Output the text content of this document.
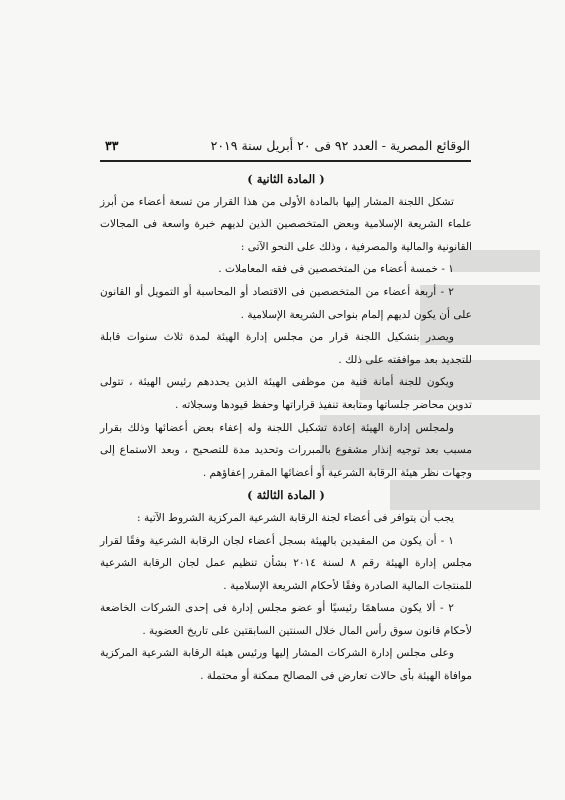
الوقائع المصرية - العدد ٩٢ فى ٢٠ أبريل سنة ٢٠١٩
٣٣

( المادة الثانية )

تشكل اللجنة المشار إليها بالمادة الأولى من هذا القرار من تسعة أعضاء من أبرز علماء الشريعة الإسلامية وبعض المتخصصين الذين لديهم خبرة واسعة فى المجالات القانونية والمالية والمصرفية ، وذلك على النحو الآتى :

١ - خمسة أعضاء من المتخصصين فى فقه المعاملات .

٢ - أربعة أعضاء من المتخصصين فى الاقتصاد أو المحاسبة أو التمويل أو القانون على أن يكون لديهم إلمام بنواحى الشريعة الإسلامية .

ويصدر بتشكيل اللجنة قرار من مجلس إدارة الهيئة لمدة ثلاث سنوات قابلة للتجديد بعد موافقته على ذلك .

ويكون للجنة أمانة فنية من موظفى الهيئة الذين يحددهم رئيس الهيئة ، تتولى تدوين محاضر جلساتها ومتابعة تنفيذ قراراتها وحفظ قيودها وسجلاته .

ولمجلس إدارة الهيئة إعادة تشكيل اللجنة وله إعفاء بعض أعضائها وذلك بقرار مسبب بعد توجيه إنذار مشفوع بالمبررات وتحديد مدة للتصحيح ، وبعد الاستماع إلى وجهات نظر هيئة الرقابة الشرعية أو أعضائها المقرر إعفاؤهم .

( المادة الثالثة )

يجب أن يتوافر فى أعضاء لجنة الرقابة الشرعية المركزية الشروط الآتية :

١ - أن يكون من المقيدين بالهيئة بسجل أعضاء لجان الرقابة الشرعية وفقًا لقرار مجلس إدارة الهيئة رقم ٨ لسنة ٢٠١٤ بشأن تنظيم عمل لجان الرقابة الشرعية للمنتجات المالية الصادرة وفقًا لأحكام الشريعة الإسلامية .

٢ - ألا يكون مساهمًا رئيسيًا أو عضو مجلس إدارة فى إحدى الشركات الخاضعة لأحكام قانون سوق رأس المال خلال السنتين السابقتين على تاريخ العضوية .

وعلى مجلس إدارة الشركات المشار إليها ورئيس هيئة الرقابة الشرعية المركزية موافاة الهيئة بأى حالات تعارض فى المصالح ممكنة أو محتملة .
